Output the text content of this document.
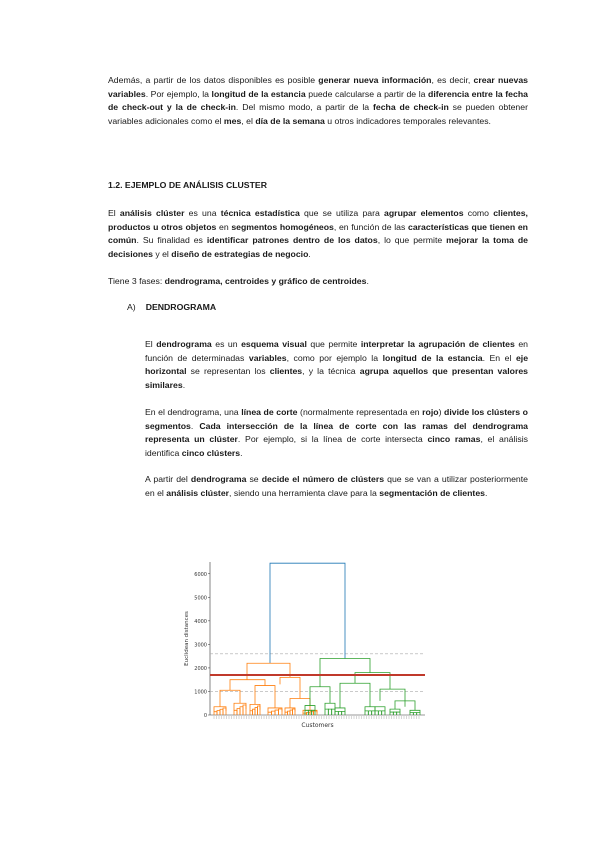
Además, a partir de los datos disponibles es posible generar nueva información, es decir, crear nuevas variables. Por ejemplo, la longitud de la estancia puede calcularse a partir de la diferencia entre la fecha de check-out y la de check-in. Del mismo modo, a partir de la fecha de check-in se pueden obtener variables adicionales como el mes, el día de la semana u otros indicadores temporales relevantes.

1.2. EJEMPLO DE ANÁLISIS CLUSTER

El análisis clúster es una técnica estadística que se utiliza para agrupar elementos como clientes, productos u otros objetos en segmentos homogéneos, en función de las características que tienen en común. Su finalidad es identificar patrones dentro de los datos, lo que permite mejorar la toma de decisiones y el diseño de estrategias de negocio.

Tiene 3 fases: dendrograma, centroides y gráfico de centroides.

A) DENDROGRAMA

El dendrograma es un esquema visual que permite interpretar la agrupación de clientes en función de determinadas variables, como por ejemplo la longitud de la estancia. En el eje horizontal se representan los clientes, y la técnica agrupa aquellos que presentan valores similares.

En el dendrograma, una línea de corte (normalmente representada en rojo) divide los clústers o segmentos. Cada intersección de la línea de corte con las ramas del dendrograma representa un clúster. Por ejemplo, si la línea de corte intersecta cinco ramas, el análisis identifica cinco clústers.

A partir del dendrograma se decide el número de clústers que se van a utilizar posteriormente en el análisis clúster, siendo una herramienta clave para la segmentación de clientes.

0
1000
2000
3000
4000
5000
6000
Euclidean distances
Customers
